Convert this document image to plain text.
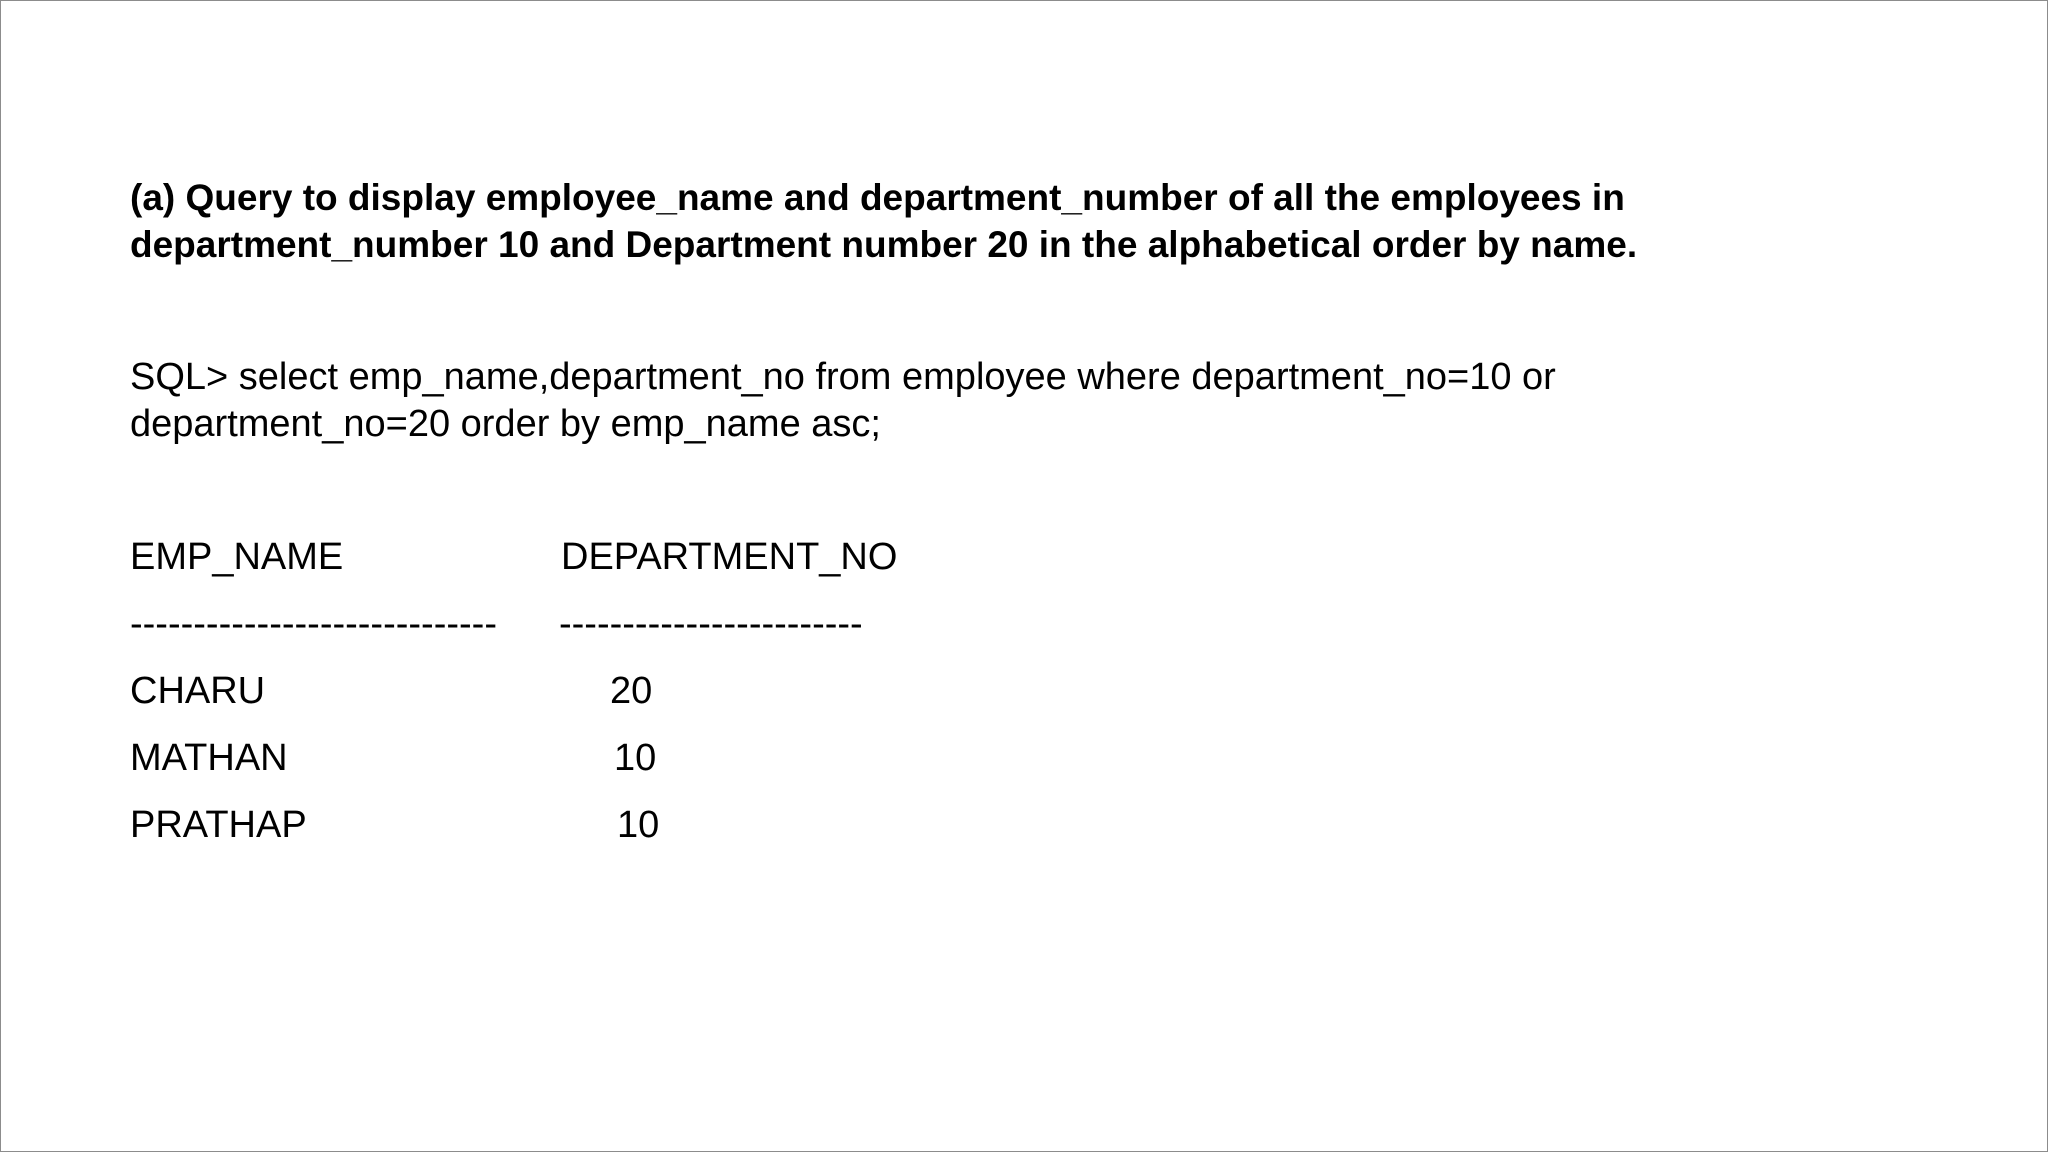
(a) Query to display employee_name and department_number of all the employees in
department_number 10 and Department number 20 in the alphabetical order by name.
SQL> select emp_name,department_no from employee where department_no=10 or
department_no=20 order by emp_name asc;
EMP_NAME	DEPARTMENT_NO
----------------------------- ------------------------
CHARU	20
MATHAN	10
PRATHAP	10
